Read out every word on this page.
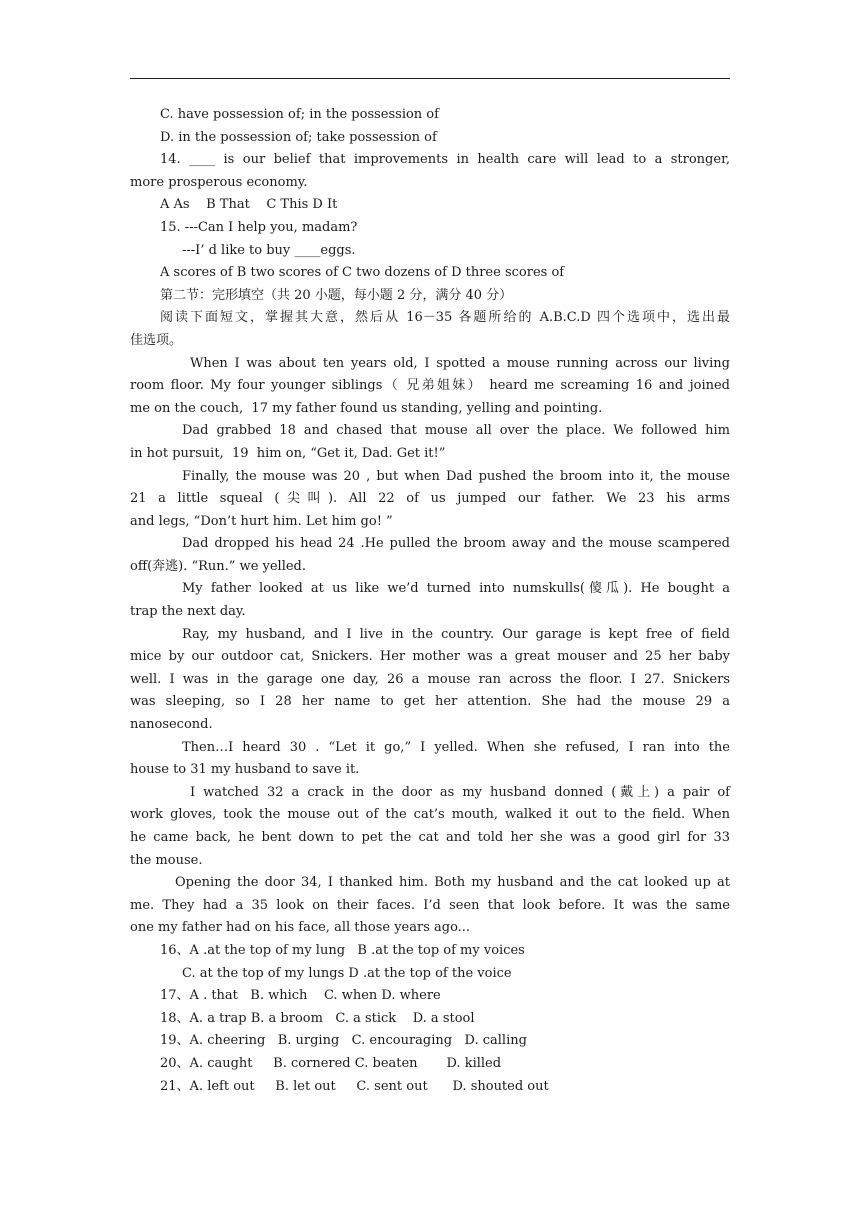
C. have possession of; in the possession of
D. in the possession of; take possession of
14. ____ is our belief that improvements in health care will lead to a stronger,
more prosperous economy.
A As    B That    C This D It
15. ---Can I help you, madam?
---I’ d like to buy ____eggs.
A scores of B two scores of C two dozens of D three scores of
第二节：完形填空（共 20 小题，每小题 2 分，满分 40 分）
阅读下面短文，掌握其大意，然后从 16－35 各题所给的 A.B.C.D 四个选项中，选出最
佳选项。
When I was about ten years old, I spotted a mouse running across our living
room floor. My four younger siblings（ 兄弟姐妹） heard me screaming 16 and joined
me on the couch,  17 my father found us standing, yelling and pointing.
Dad grabbed 18 and chased that mouse all over the place. We followed him
in hot pursuit,  19  him on, “Get it, Dad. Get it!”
Finally, the mouse was 20 , but when Dad pushed the broom into it, the mouse
21 a little squeal (尖叫). All 22 of us jumped our father. We 23 his arms
and legs, “Don’t hurt him. Let him go! ”
Dad dropped his head 24 .He pulled the broom away and the mouse scampered
off(奔逃). “Run.” we yelled.
My father looked at us like we’d turned into numskulls(傻瓜). He bought a
trap the next day.
Ray, my husband, and I live in the country. Our garage is kept free of field
mice by our outdoor cat, Snickers. Her mother was a great mouser and 25 her baby
well. I was in the garage one day, 26 a mouse ran across the floor. I 27. Snickers
was sleeping, so I 28 her name to get her attention. She had the mouse 29 a
nanosecond.
Then…I heard 30 . “Let it go,” I yelled. When she refused, I ran into the
house to 31 my husband to save it.
I watched 32 a crack in the door as my husband donned (戴上) a pair of
work gloves, took the mouse out of the cat’s mouth, walked it out to the field. When
he came back, he bent down to pet the cat and told her she was a good girl for 33
the mouse.
Opening the door 34, I thanked him. Both my husband and the cat looked up at
me. They had a 35 look on their faces. I’d seen that look before. It was the same
one my father had on his face, all those years ago...
16、A .at the top of my lung   B .at the top of my voices
C. at the top of my lungs D .at the top of the voice
17、A . that   B. which    C. when D. where
18、A. a trap B. a broom   C. a stick    D. a stool
19、A. cheering   B. urging   C. encouraging   D. calling
20、A. caught     B. cornered C. beaten       D. killed
21、A. left out     B. let out     C. sent out      D. shouted out
